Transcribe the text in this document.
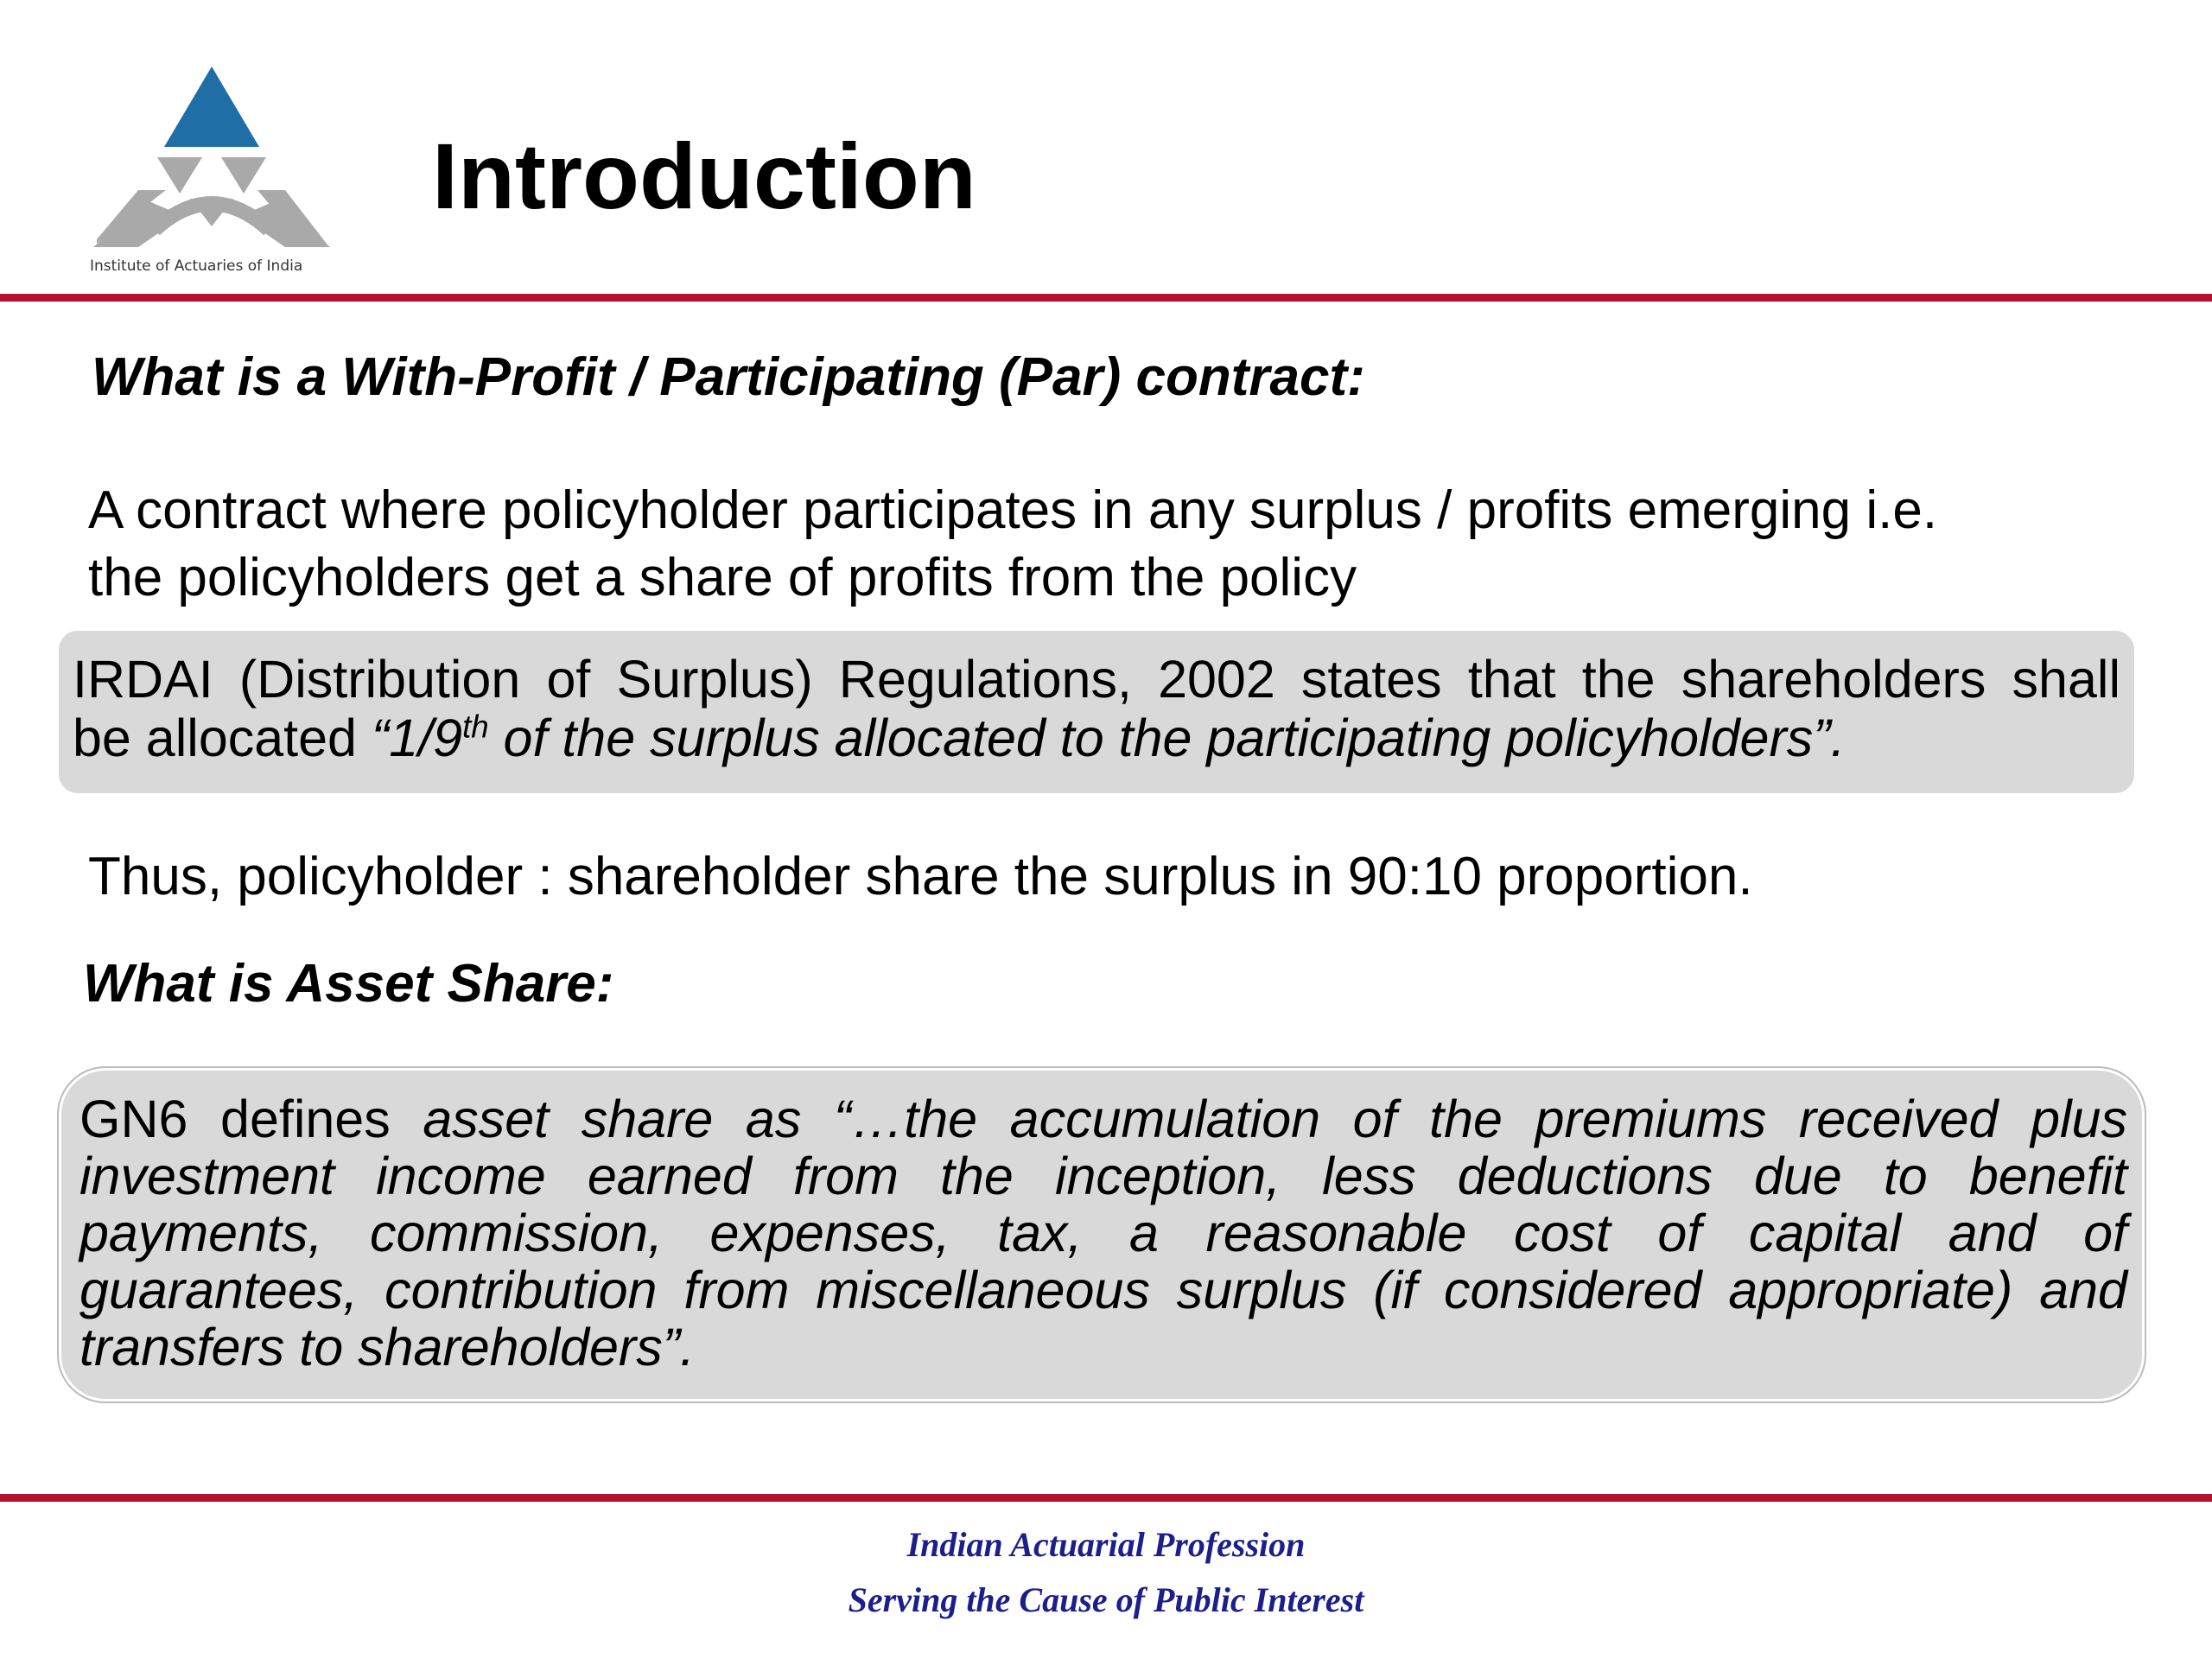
Institute of Actuaries of India
Introduction
What is a With-Profit / Participating (Par) contract:
A contract where policyholder participates in any surplus / profits emerging i.e.
the policyholders get a share of profits from the policy
IRDAI (Distribution of Surplus) Regulations, 2002 states that the shareholders shall
be allocated “1/9th of the surplus allocated to the participating policyholders”.
Thus, policyholder : shareholder share the surplus in 90:10 proportion.
What is Asset Share:
GN6 defines asset share as “…the accumulation of the premiums received plus
investment income earned from the inception, less deductions due to benefit
payments, commission, expenses, tax, a reasonable cost of capital and of
guarantees, contribution from miscellaneous surplus (if considered appropriate) and
transfers to shareholders”.
Indian Actuarial Profession
Serving the Cause of Public Interest
